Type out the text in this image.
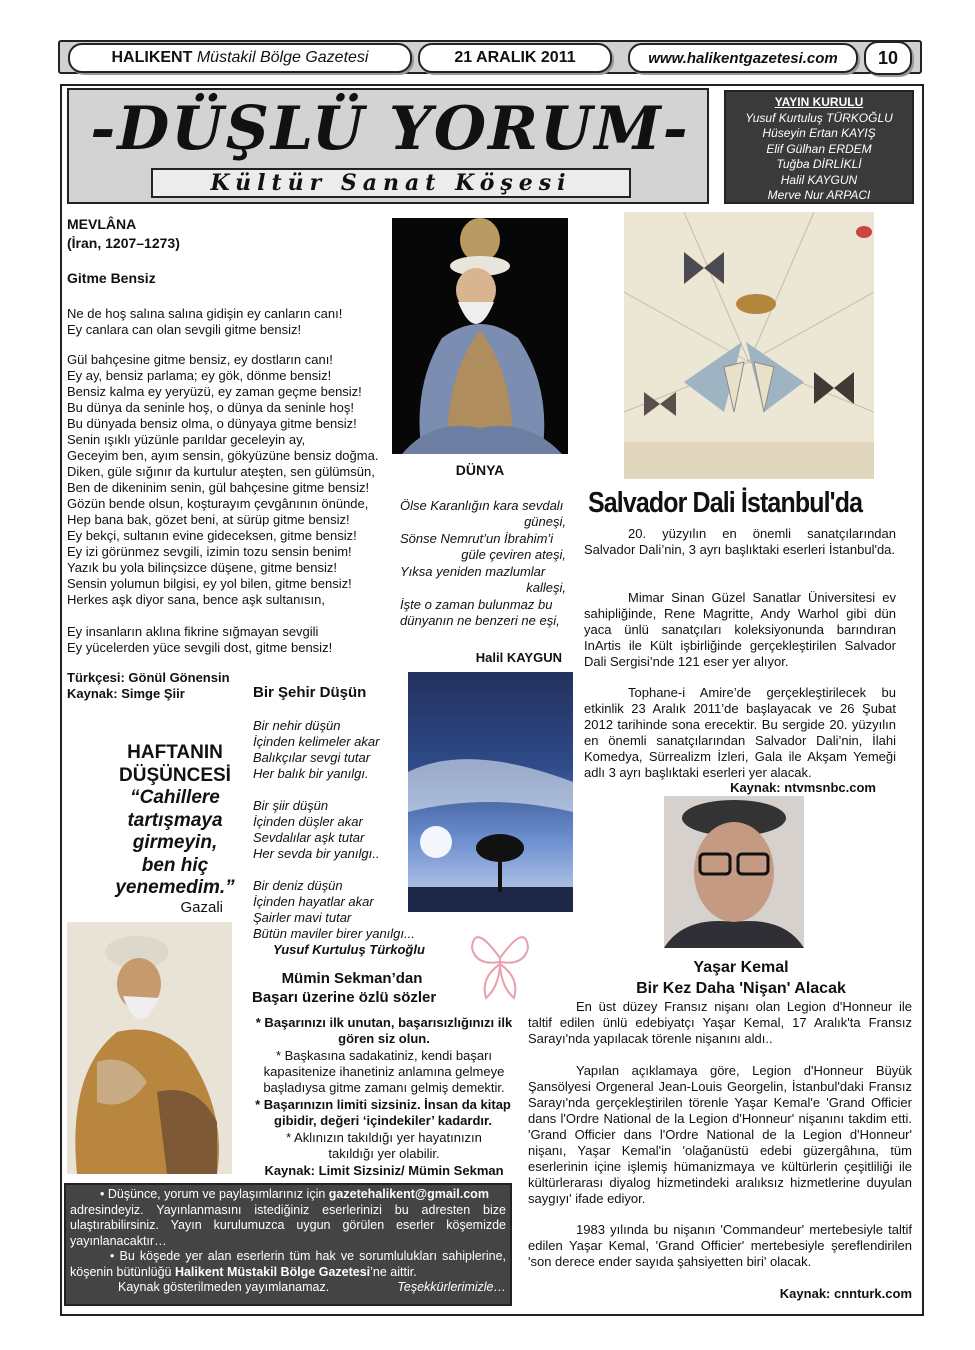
HALIKENT
Müstakil Bölge Gazetesi	21 ARALIK 2011	www.halikentgazetesi.com 10
-DÜŞLÜ YORUM-
Kültür Sanat Köşesi
YAYIN KURULU
Yusuf Kurtuluş TÜRKOĞLU
Hüseyin Ertan KAYIŞ
Elif Gülhan ERDEM
Tuğba DİRLİKLİ
Halil KAYGUN
Merve Nur ARPACI
MEVLÂNA
(İran, 1207–1273)
Gitme Bensiz
Ne de hoş salına salına gidişin ey canların canı!
Ey canlara can olan sevgili gitme bensiz!
Gül bahçesine gitme bensiz, ey dostların canı!
Ey ay, bensiz parlama; ey gök, dönme bensiz!
Bensiz kalma ey yeryüzü, ey zaman geçme bensiz!
Bu dünya da seninle hoş, o dünya da seninle hoş!
Bu dünyada bensiz olma, o dünyaya gitme bensiz!
Senin ışıklı yüzünle parıldar geceleyin ay,
Geceyim ben, ayım sensin, gökyüzüne bensiz doğma.
Diken, güle sığınır da kurtulur ateşten, sen gülümsün,
Ben de dikeninim senin, gül bahçesine gitme bensiz!
Gözün bende olsun, koşturayım çevgânının önünde,
Hep bana bak, gözet beni, at sürüp gitme bensiz!
Ey bekçi, sultanın evine gideceksen, gitme bensiz!
Ey izi görünmez sevgili, izimin tozu sensin benim!
Yazık bu yola bilinçsizce düşene, gitme bensiz!
Sensin yolumun bilgisi, ey yol bilen, gitme bensiz!
Herkes aşk diyor sana, bence aşk sultanısın,
Ey insanların aklına fikrine sığmayan sevgili
Ey yücelerden yüce sevgili dost, gitme bensiz!
Türkçesi: Gönül Gönensin
Kaynak: Simge Şiir
DÜNYA
Ölse Karanlığın kara sevdalı
güneşi,
Sönse Nemrut’un İbrahim’i
güle çeviren ateşi,
Yıksa yeniden mazlumlar
kalleşi,
İşte o zaman bulunmaz bu
dünyanın ne benzeri ne eşi,
Halil KAYGUN
Salvador Dali İstanbul'da
20. yüzyılın en önemli sanatçılarından Salvador Dali’nin, 3 ayrı başlıktaki eserleri İstanbul'da.
Mimar Sinan Güzel Sanatlar Üniversitesi ev sahipliğinde, Rene Magritte, Andy Warhol gibi dün yaca ünlü sanatçıları koleksiyonunda barındıran InArtis ile Kült işbirliğinde gerçekleştirilen Salvador Dali Sergisi’nde 121 eser yer alıyor.
Tophane-i Amire’de gerçekleştirilecek bu etkinlik 23 Aralık 2011’de başlayacak ve 26 Şubat 2012 tarihinde sona erecektir. Bu sergide 20. yüzyılın en önemli sanatçılarından Salvador Dali’nin, İlahi Komedya, Sürrealizm İzleri, Gala ile Akşam Yemeği adlı 3 ayrı başlıktaki eserleri yer alacak.
Kaynak: ntvmsnbc.com
HAFTANIN
DÜŞÜNCESİ
“Cahillere
tartışmaya
girmeyin,
ben hiç
yenemedim.”
Gazali
Bir Şehir Düşün
Bir nehir düşün
İçinden kelimeler akar
Balıkçılar sevgi tutar
Her balık bir yanılgı.
Bir şiir düşün
İçinden düşler akar
Sevdalılar aşk tutar
Her sevda bir yanılgı..
Bir deniz düşün
İçinden hayatlar akar
Şairler mavi tutar
Bütün maviler birer yanılgı...
Yusuf Kurtuluş Türkoğlu
Mümin Sekman’dan
Başarı üzerine özlü sözler
* Başarınızı ilk unutan, başarısızlığınızı ilk gören siz olun.
* Başkasına sadakatiniz, kendi başarı kapasitenize ihanetiniz anlamına gelmeye başladıysa gitme zamanı gelmiş demektir.
* Başarınızın limiti sizsiniz. İnsan da kitap gibidir, değeri ‘içindekiler’ kadardır.
* Aklınızın takıldığı yer hayatınızın takıldığı yer olabilir.
Kaynak: Limit Sizsiniz/ Mümin Sekman
Yaşar Kemal
Bir Kez Daha 'Nişan' Alacak
En üst düzey Fransız nişanı olan Legion d'Honneur ile taltif edilen ünlü edebiyatçı Yaşar Kemal, 17 Aralık'ta Fransız Sarayı'nda yapılacak törenle nişanını aldı..
Yapılan açıklamaya göre, Legion d'Honneur Büyük Şansölyesi Orgeneral Jean-Louis Georgelin, İstanbul'daki Fransız Sarayı'nda gerçekleştirilen törenle Yaşar Kemal'e 'Grand Officier dans l'Ordre National de la Legion d'Honneur' nişanını takdim etti. 'Grand Officier dans l'Ordre National de la Legion d'Honneur' nişanı, Yaşar Kemal'in 'olağanüstü edebi güzergâhına, tüm eserlerinin içine işlemiş hümanizmaya ve kültürlerin çeşitliliği ile kültürlerarası diyalog hizmetindeki aralıksız hizmetlerine duyulan saygıyı' ifade ediyor.
1983 yılında bu nişanın 'Commandeur' mertebesiyle taltif edilen Yaşar Kemal, 'Grand Officier' mertebesiyle şereflendirilen 'son derece ender sayıda şahsiyetten biri' olacak.
Kaynak: cnnturk.com
• Düşünce, yorum ve paylaşımlarınız için gazetehalikent@gmail.com
adresindeyiz. Yayınlanmasını istediğiniz eserlerinizi bu adresten bize ulaştırabilirsiniz. Yayın kurulumuzca uygun görülen eserler köşemizde yayınlanacaktır…
• Bu köşede yer alan eserlerin tüm hak ve sorumlulukları sahiplerine, köşenin bütünlüğü Halikent Müstakil Bölge Gazetesi’ne aittir.
Kaynak gösterilmeden yayımlanamaz.	Teşekkürlerimizle…
